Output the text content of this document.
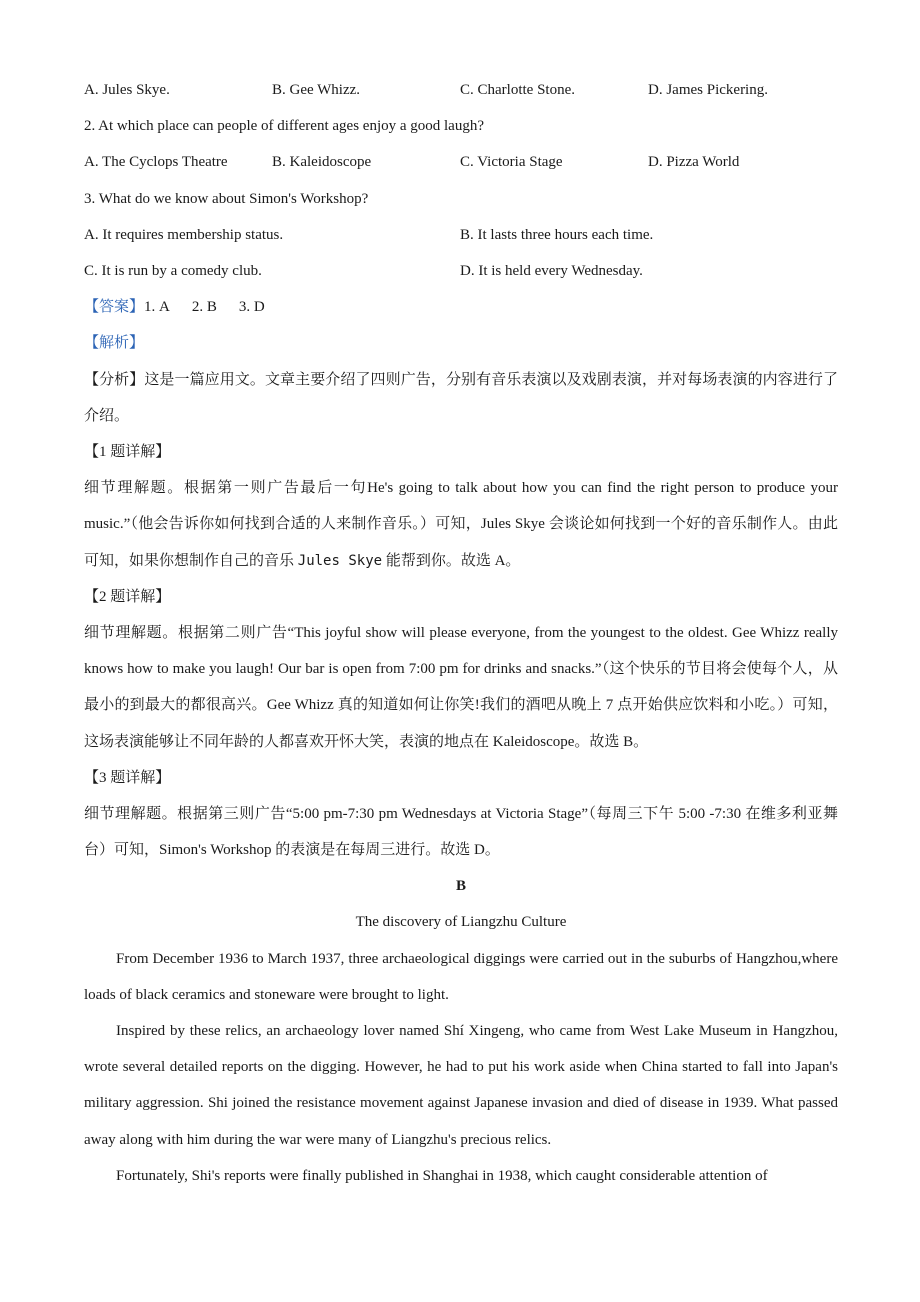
A. Jules Skye.	B. Gee Whizz.	C. Charlotte Stone.	D. James Pickering.
2. At which place can people of different ages enjoy a good laugh?
A. The Cyclops Theatre	B. Kaleidoscope	C. Victoria Stage	D. Pizza World
3. What do we know about Simon's Workshop?
A. It requires membership status.	B. It lasts three hours each time.
C. It is run by a comedy club.	D. It is held every Wednesday.
【答案】1. A 2. B 3. D
【解析】
【分析】这是一篇应用文。文章主要介绍了四则广告，分别有音乐表演以及戏剧表演，并对每场表演的内容进行了介绍。
【1 题详解】
细节理解题。根据第一则广告最后一句He's going to talk about how you can find the right person to produce your music.”（他会告诉你如何找到合适的人来制作音乐。）可知，Jules Skye 会谈论如何找到一个好的音乐制作人。由此可知，如果你想制作自己的音乐 Jules Skye 能帮到你。故选 A。
【2 题详解】
细节理解题。根据第二则广告“This joyful show will please everyone, from the youngest to the oldest. Gee Whizz really knows how to make you laugh! Our bar is open from 7:00 pm for drinks and snacks.”（这个快乐的节目将会使每个人，从最小的到最大的都很高兴。Gee Whizz 真的知道如何让你笑!我们的酒吧从晚上 7 点开始供应饮料和小吃。）可知，这场表演能够让不同年龄的人都喜欢开怀大笑，表演的地点在 Kaleidoscope。故选 B。
【3 题详解】
细节理解题。根据第三则广告“5:00 pm-7:30 pm Wednesdays at Victoria Stage”（每周三下午 5:00 -7:30 在维多利亚舞台）可知，Simon's Workshop 的表演是在每周三进行。故选 D。
B
The discovery of Liangzhu Culture
From December 1936 to March 1937, three archaeological diggings were carried out in the suburbs of Hangzhou,where loads of black ceramics and stoneware were brought to light.
Inspired by these relics, an archaeology lover named Shí Xingeng, who came from West Lake Museum in Hangzhou, wrote several detailed reports on the digging. However, he had to put his work aside when China started to fall into Japan's military aggression. Shi joined the resistance movement against Japanese invasion and died of disease in 1939. What passed away along with him during the war were many of Liangzhu's precious relics.
Fortunately, Shi's reports were finally published in Shanghai in 1938, which caught considerable attention of
